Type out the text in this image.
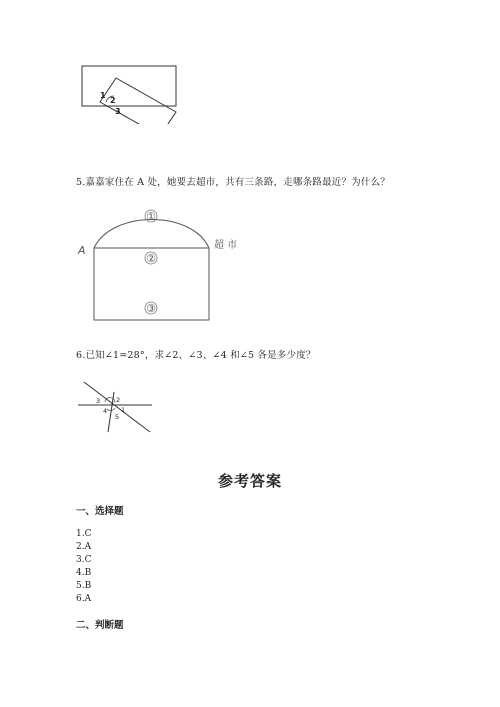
1
2
3
5.嘉嘉家住在 A 处，她要去超市，共有三条路，走哪条路最近？为什么？
①
②
③
A	超 市
6.已知∠1=28°，求∠2、∠3、∠4 和∠5 各是多少度？
3 2
4 1
5
参考答案
一、选择题
1.C
2.A
3.C
4.B
5.B
6.A
二、判断题
